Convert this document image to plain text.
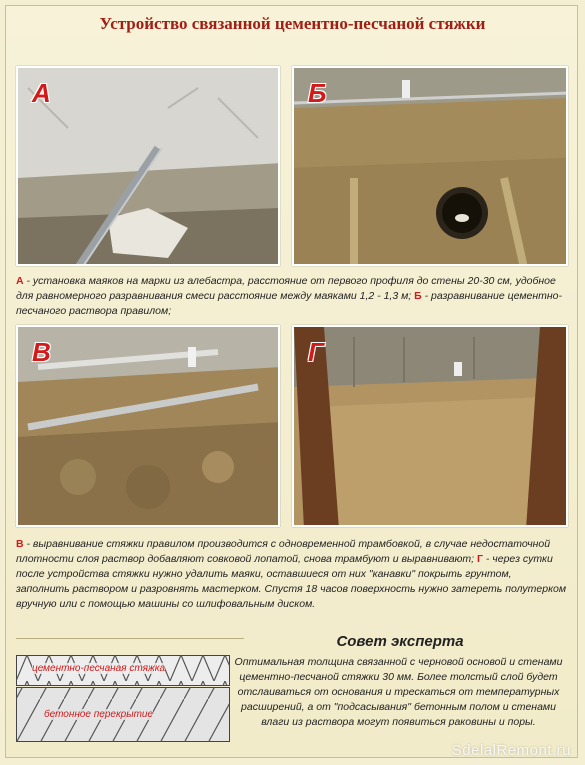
Устройство связанной цементно-песчаной стяжки
А	Б
А - установка маяков на марки из алебастра, расстояние от первого профиля до стены 20-30 см, удобное для равномерного разравнивания смеси расстояние между маяками 1,2 - 1,3 м; Б - разравнивание цементно-песчаного раствора правилом;
В	Г
В - выравнивание стяжки правилом производится с одновременной трамбовкой, в случае недостаточной плотности слоя раствор добавляют совковой лопатой, снова трамбуют и выравнивают; Г - через сутки после устройства стяжки нужно удалить маяки, оставшиеся от них "канавки" покрыть грунтом, заполнить раствором и разровнять мастерком. Спустя 18 часов поверхность нужно затереть полутерком вручную или с помощью машины со шлифовальным диском.
цементно-песчаная стяжка
бетонное перекрытие
Совет эксперта
Оптимальная толщина связанной с черновой основой и стенами цементно-песчаной стяжки 30 мм. Более толстый слой будет отслаиваться от основания и трескаться от температурных расширений, а от "подсасывания" бетонным полом и стенами влаги из раствора могут появиться раковины и поры.
SdelalRemont.ru
